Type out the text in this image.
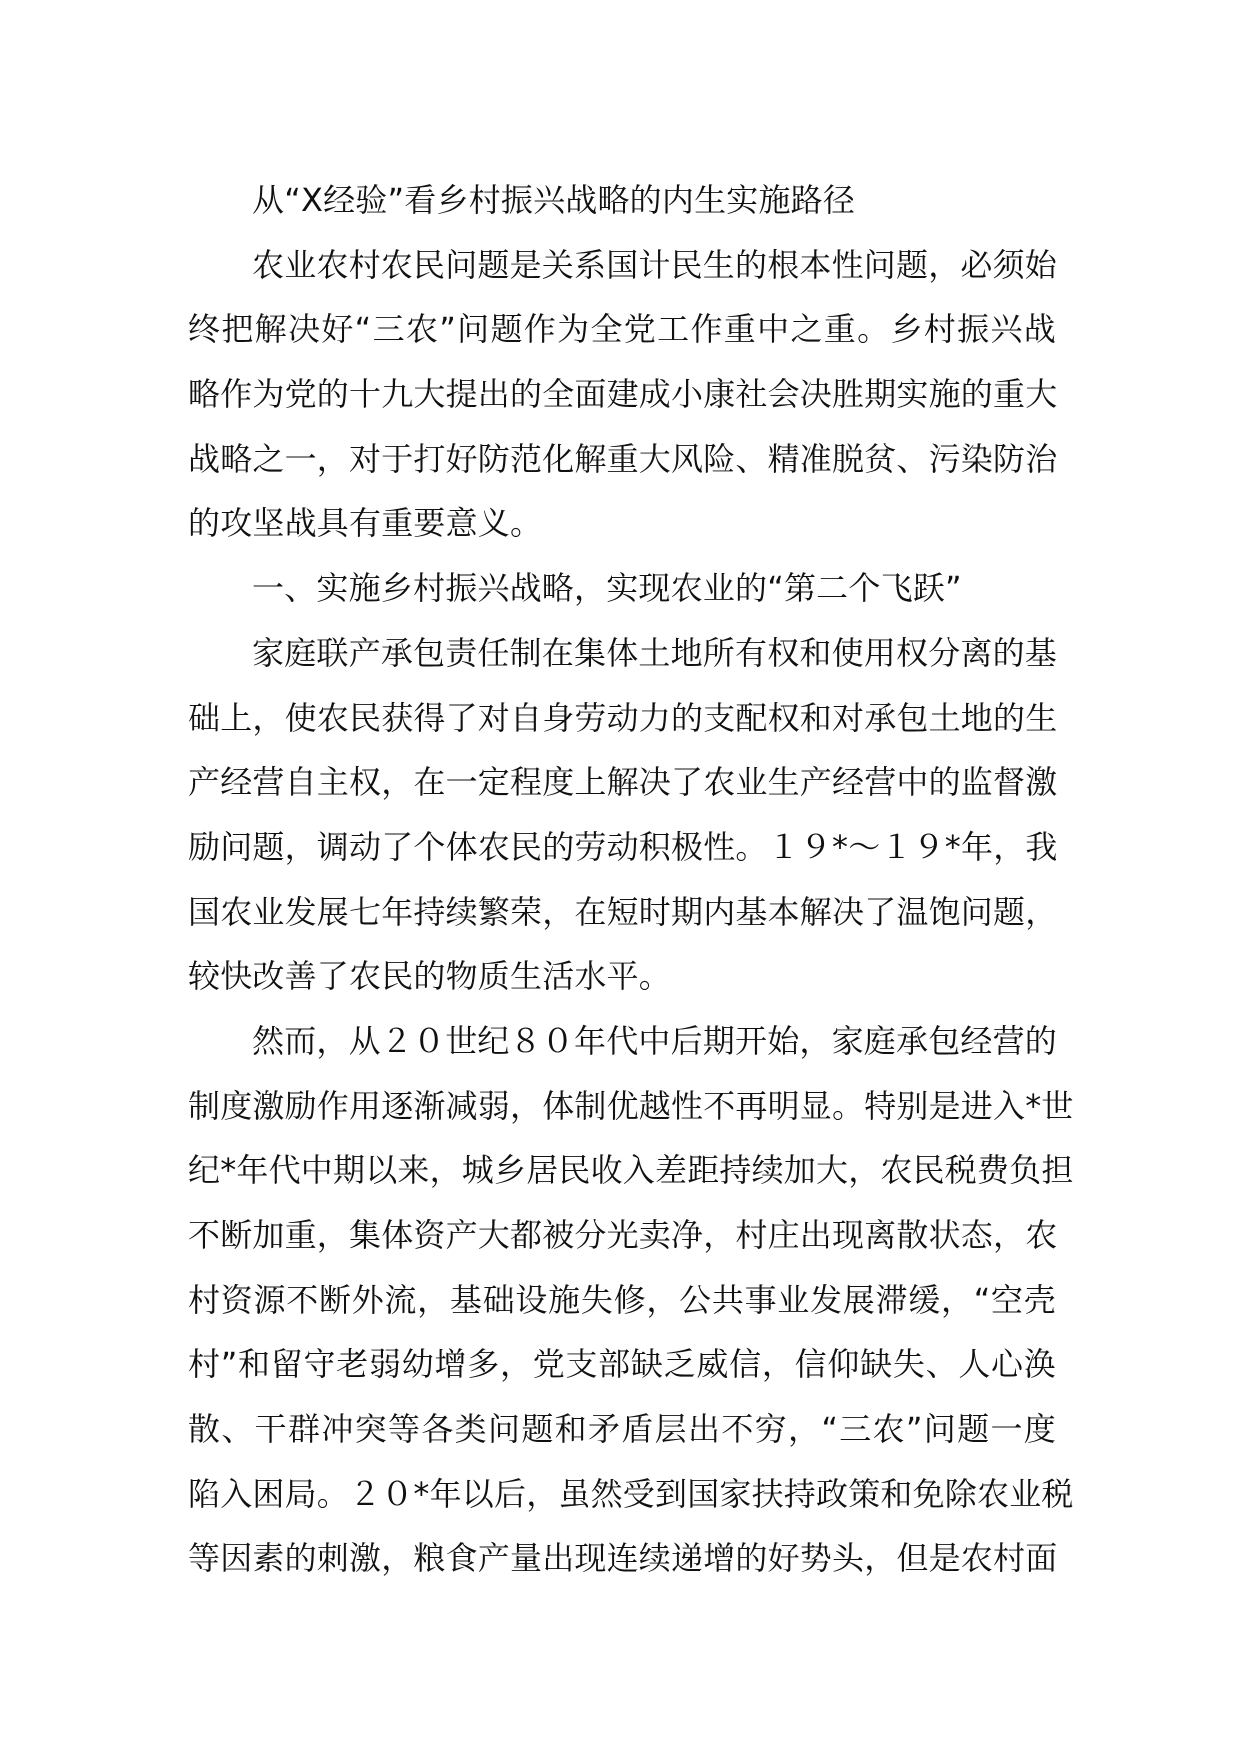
从“X经验”看乡村振兴战略的内生实施路径
农业农村农民问题是关系国计民生的根本性问题，必须始
终把解决好“三农”问题作为全党工作重中之重。乡村振兴战
略作为党的十九大提出的全面建成小康社会决胜期实施的重大
战略之一，对于打好防范化解重大风险、精准脱贫、污染防治
的攻坚战具有重要意义。
一、实施乡村振兴战略，实现农业的“第二个飞跃”
家庭联产承包责任制在集体土地所有权和使用权分离的基
础上，使农民获得了对自身劳动力的支配权和对承包土地的生
产经营自主权，在一定程度上解决了农业生产经营中的监督激
励问题，调动了个体农民的劳动积极性。１９*～１９*年，我
国农业发展七年持续繁荣，在短时期内基本解决了温饱问题，
较快改善了农民的物质生活水平。
然而，从２０世纪８０年代中后期开始，家庭承包经营的
制度激励作用逐渐减弱，体制优越性不再明显。特别是进入*世
纪*年代中期以来，城乡居民收入差距持续加大，农民税费负担
不断加重，集体资产大都被分光卖净，村庄出现离散状态，农
村资源不断外流，基础设施失修，公共事业发展滞缓，“空壳
村”和留守老弱幼增多，党支部缺乏威信，信仰缺失、人心涣
散、干群冲突等各类问题和矛盾层出不穷，“三农”问题一度
陷入困局。２０*年以后，虽然受到国家扶持政策和免除农业税
等因素的刺激，粮食产量出现连续递增的好势头，但是农村面
